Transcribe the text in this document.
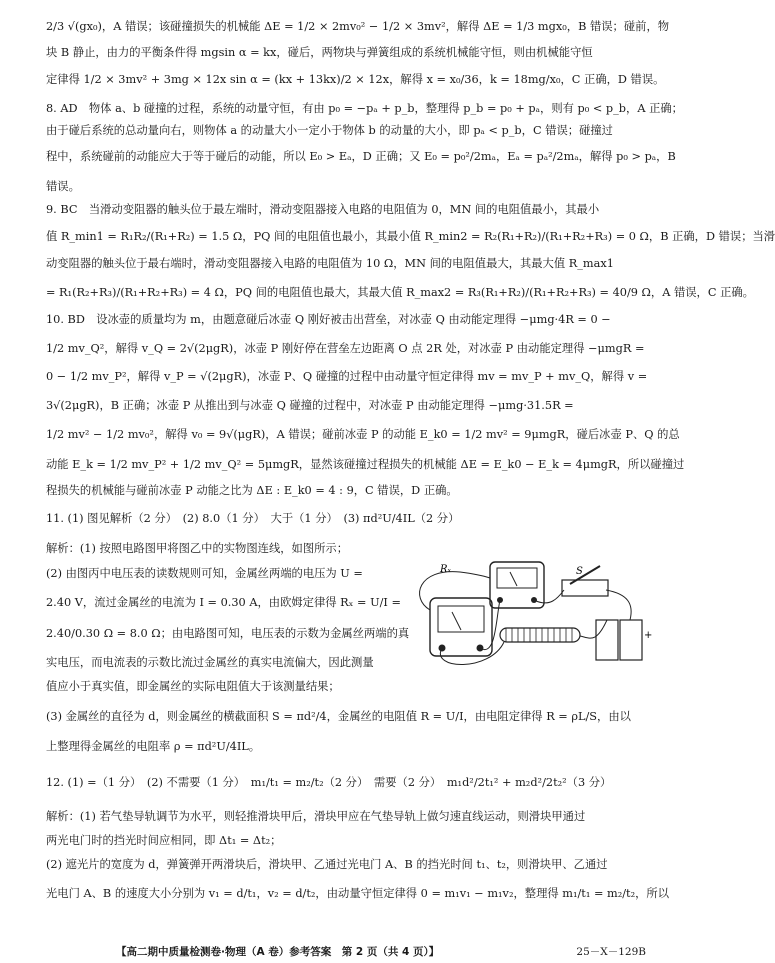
2/3 √(gx₀)，A 错误；该碰撞损失的机械能 ΔE = 1/2 × 2mv₀² − 1/2 × 3mv²，解得 ΔE = 1/3 mgx₀，B 错误；碰前，物
块 B 静止，由力的平衡条件得 mgsin α = kx，碰后，两物块与弹簧组成的系统机械能守恒，则由机械能守恒
定律得 1/2 × 3mv² + 3mg × 12x sin α = (kx + 13kx)/2 × 12x，解得 x = x₀/36，k = 18mg/x₀，C 正确，D 错误。
8. AD　物体 a、b 碰撞的过程，系统的动量守恒，有由 p₀ = −pₐ + p_b，整理得 p_b = p₀ + pₐ，则有 p₀ < p_b，A 正确；
由于碰后系统的总动量向右，则物体 a 的动量大小一定小于物体 b 的动量的大小，即 pₐ < p_b，C 错误；碰撞过
程中，系统碰前的动能应大于等于碰后的动能，所以 E₀ > Eₐ，D 正确；又 E₀ = p₀²/2mₐ，Eₐ = pₐ²/2mₐ，解得 p₀ > pₐ，B
错误。
9. BC　当滑动变阻器的触头位于最左端时，滑动变阻器接入电路的电阻值为 0，MN 间的电阻值最小，其最小
值 R_min1 = R₁R₂/(R₁+R₂) = 1.5 Ω，PQ 间的电阻值也最小，其最小值 R_min2 = R₂(R₁+R₂)/(R₁+R₂+R₃) = 0 Ω，B 正确，D 错误；当滑
动变阻器的触头位于最右端时，滑动变阻器接入电路的电阻值为 10 Ω，MN 间的电阻值最大，其最大值 R_max1
= R₁(R₂+R₃)/(R₁+R₂+R₃) = 4 Ω，PQ 间的电阻值也最大，其最大值 R_max2 = R₃(R₁+R₂)/(R₁+R₂+R₃) = 40/9 Ω，A 错误，C 正确。
10. BD　设冰壶的质量均为 m，由题意碰后冰壶 Q 刚好被击出营垒，对冰壶 Q 由动能定理得 −μmg·4R = 0 −
1/2 mv_Q²，解得 v_Q = 2√(2μgR)，冰壶 P 刚好停在营垒左边距离 O 点 2R 处，对冰壶 P 由动能定理得 −μmgR =
0 − 1/2 mv_P²，解得 v_P = √(2μgR)，冰壶 P、Q 碰撞的过程中由动量守恒定律得 mv = mv_P + mv_Q，解得 v =
3√(2μgR)，B 正确；冰壶 P 从推出到与冰壶 Q 碰撞的过程中，对冰壶 P 由动能定理得 −μmg·31.5R =
1/2 mv² − 1/2 mv₀²，解得 v₀ = 9√(μgR)，A 错误；碰前冰壶 P 的动能 E_k0 = 1/2 mv² = 9μmgR，碰后冰壶 P、Q 的总
动能 E_k = 1/2 mv_P² + 1/2 mv_Q² = 5μmgR，显然该碰撞过程损失的机械能 ΔE = E_k0 − E_k = 4μmgR，所以碰撞过
程损失的机械能与碰前冰壶 P 动能之比为 ΔE : E_k0 = 4 : 9，C 错误，D 正确。
11. (1) 图见解析（2 分）　(2) 8.0（1 分）　大于（1 分）　(3) πd²U/4IL（2 分）
解析：(1) 按照电路图甲将图乙中的实物图连线，如图所示；
(2) 由图丙中电压表的读数规则可知，金属丝两端的电压为 U =
2.40 V，流过金属丝的电流为 I = 0.30 A，由欧姆定律得 Rₓ = U/I =
2.40/0.30 Ω = 8.0 Ω；由电路图可知，电压表的示数为金属丝两端的真
实电压，而电流表的示数比流过金属丝的真实电流偏大，因此测量
值应小于真实值，即金属丝的实际电阻值大于该测量结果；
(3) 金属丝的直径为 d，则金属丝的横截面积 S = πd²/4，金属丝的电阻值 R = U/I，由电阻定律得 R = ρL/S，由以
上整理得金属丝的电阻率 ρ = πd²U/4IL。
12. (1) =（1 分）　(2) 不需要（1 分）　m₁/t₁ = m₂/t₂（2 分）　需要（2 分）　m₁d²/2t₁² + m₂d²/2t₂²（3 分）
解析：(1) 若气垫导轨调节为水平，则轻推滑块甲后，滑块甲应在气垫导轨上做匀速直线运动，则滑块甲通过
两光电门时的挡光时间应相同，即 Δt₁ = Δt₂；
(2) 遮光片的宽度为 d，弹簧弹开两滑块后，滑块甲、乙通过光电门 A、B 的挡光时间 t₁、t₂，则滑块甲、乙通过
光电门 A、B 的速度大小分别为 v₁ = d/t₁，v₂ = d/t₂，由动量守恒定律得 0 = m₁v₁ − m₁v₂，整理得 m₁/t₁ = m₂/t₂，所以
Rₓ	S
+
【高二期中质量检测卷·物理（A 卷）参考答案　第 2 页（共 4 页）】	25－X－129B
